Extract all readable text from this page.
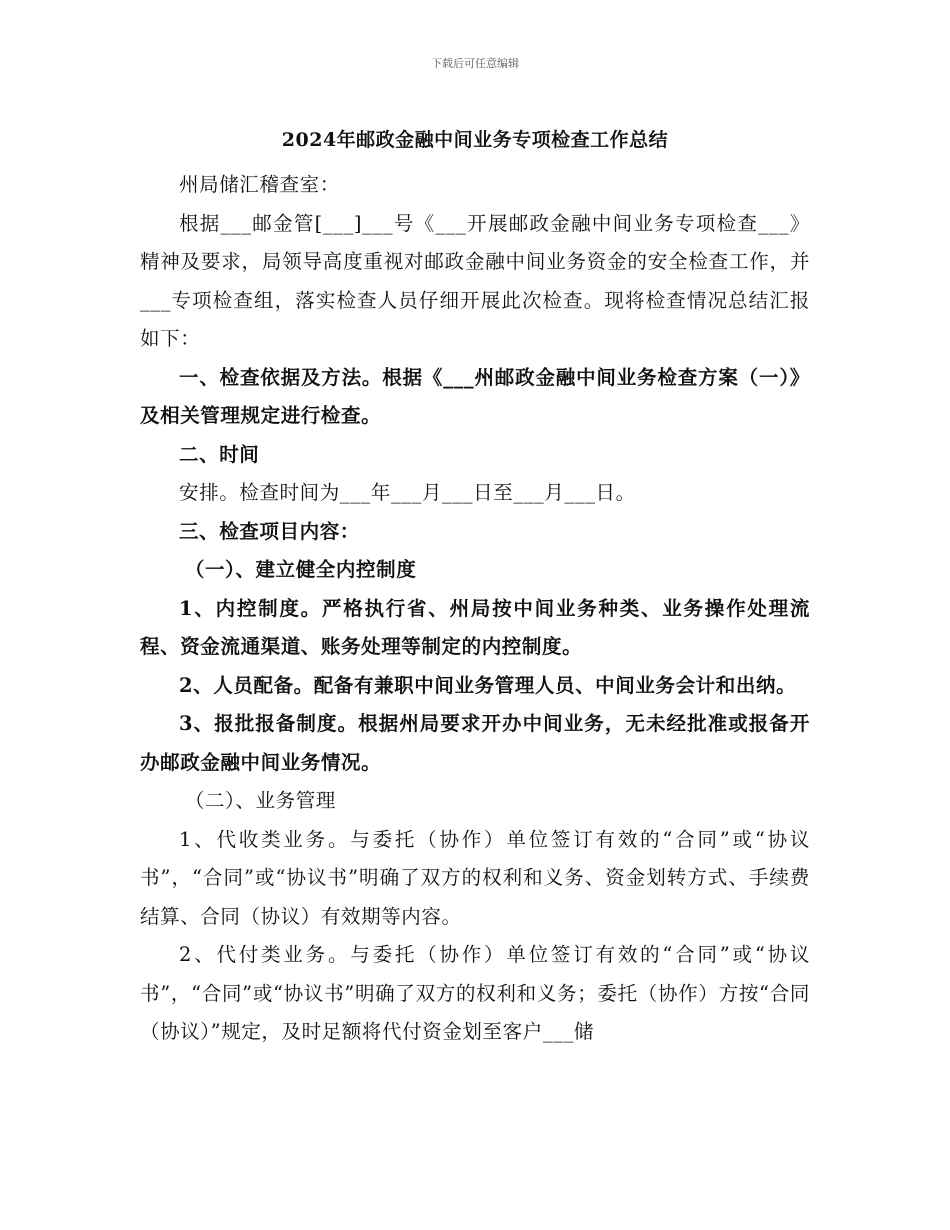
下载后可任意编辑
2024年邮政金融中间业务专项检查工作总结

州局储汇稽查室：

根据___邮金管[___]___号《___开展邮政金融中间业务专项检查___》精神及要求，局领导高度重视对邮政金融中间业务资金的安全检查工作，并___专项检查组，落实检查人员仔细开展此次检查。现将检查情况总结汇报如下：

一、检查依据及方法。根据《___州邮政金融中间业务检查方案（一）》及相关管理规定进行检查。

二、时间

安排。检查时间为___年___月___日至___月___日。

三、检查项目内容：

（一）、建立健全内控制度

1、内控制度。严格执行省、州局按中间业务种类、业务操作处理流程、资金流通渠道、账务处理等制定的内控制度。

2、人员配备。配备有兼职中间业务管理人员、中间业务会计和出纳。

3、报批报备制度。根据州局要求开办中间业务，无未经批准或报备开办邮政金融中间业务情况。

（二）、业务管理

1、代收类业务。与委托（协作）单位签订有效的“合同”或“协议书”，“合同”或“协议书”明确了双方的权利和义务、资金划转方式、手续费结算、合同（协议）有效期等内容。

2、代付类业务。与委托（协作）单位签订有效的“合同”或“协议书”，“合同”或“协议书”明确了双方的权利和义务；委托（协作）方按“合同（协议）”规定，及时足额将代付资金划至客户___储
